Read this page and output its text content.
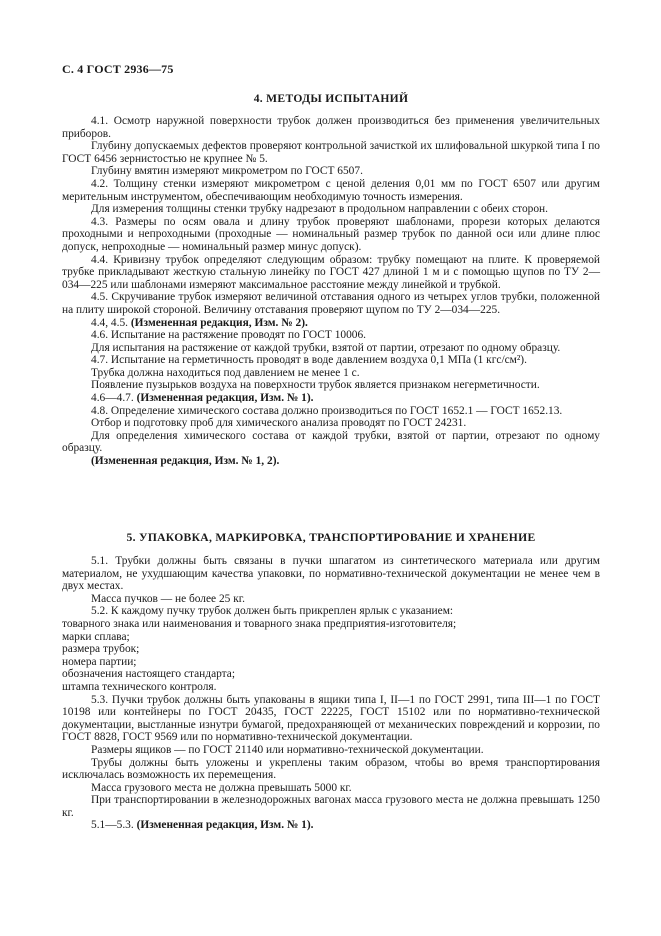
С. 4 ГОСТ 2936—75
4. МЕТОДЫ ИСПЫТАНИЙ

4.1. Осмотр наружной поверхности трубок должен производиться без применения увеличительных приборов.

Глубину допускаемых дефектов проверяют контрольной зачисткой их шлифовальной шкуркой типа I по ГОСТ 6456 зернистостью не крупнее № 5.

Глубину вмятин измеряют микрометром по ГОСТ 6507.

4.2. Толщину стенки измеряют микрометром с ценой деления 0,01 мм по ГОСТ 6507 или другим мерительным инструментом, обеспечивающим необходимую точность измерения.

Для измерения толщины стенки трубку надрезают в продольном направлении с обеих сторон.

4.3. Размеры по осям овала и длину трубок проверяют шаблонами, прорези которых делаются проходными и непроходными (проходные — номинальный размер трубок по данной оси или длине плюс допуск, непроходные — номинальный размер минус допуск).

4.4. Кривизну трубок определяют следующим образом: трубку помещают на плите. К проверяемой трубке прикладывают жесткую стальную линейку по ГОСТ 427 длиной 1 м и с помощью щупов по ТУ 2—034—225 или шаблонами измеряют максимальное расстояние между линейкой и трубкой.

4.5. Скручивание трубок измеряют величиной отставания одного из четырех углов трубки, положенной на плиту широкой стороной. Величину отставания проверяют щупом по ТУ 2—034—225.

4.4, 4.5. (Измененная редакция, Изм. № 2).

4.6. Испытание на растяжение проводят по ГОСТ 10006.

Для испытания на растяжение от каждой трубки, взятой от партии, отрезают по одному образцу.

4.7. Испытание на герметичность проводят в воде давлением воздуха 0,1 МПа (1 кгс/см²).

Трубка должна находиться под давлением не менее 1 с.

Появление пузырьков воздуха на поверхности трубок является признаком негерметичности.

4.6—4.7. (Измененная редакция, Изм. № 1).

4.8. Определение химического состава должно производиться по ГОСТ 1652.1 — ГОСТ 1652.13.

Отбор и подготовку проб для химического анализа проводят по ГОСТ 24231.

Для определения химического состава от каждой трубки, взятой от партии, отрезают по одному образцу.

(Измененная редакция, Изм. № 1, 2).

5. УПАКОВКА, МАРКИРОВКА, ТРАНСПОРТИРОВАНИЕ И ХРАНЕНИЕ

5.1. Трубки должны быть связаны в пучки шпагатом из синтетического материала или другим материалом, не ухудшающим качества упаковки, по нормативно-технической документации не менее чем в двух местах.

Масса пучков — не более 25 кг.

5.2. К каждому пучку трубок должен быть прикреплен ярлык с указанием:

товарного знака или наименования и товарного знака предприятия-изготовителя;

марки сплава;

размера трубок;

номера партии;

обозначения настоящего стандарта;

штампа технического контроля.

5.3. Пучки трубок должны быть упакованы в ящики типа I, II—1 по ГОСТ 2991, типа III—1 по ГОСТ 10198 или контейнеры по ГОСТ 20435, ГОСТ 22225, ГОСТ 15102 или по нормативно-технической документации, выстланные изнутри бумагой, предохраняющей от механических повреждений и коррозии, по ГОСТ 8828, ГОСТ 9569 или по нормативно-технической документации.

Размеры ящиков — по ГОСТ 21140 или нормативно-технической документации.

Трубы должны быть уложены и укреплены таким образом, чтобы во время транспортирования исключалась возможность их перемещения.

Масса грузового места не должна превышать 5000 кг.

При транспортировании в железнодорожных вагонах масса грузового места не должна превышать 1250 кг.

5.1—5.3. (Измененная редакция, Изм. № 1).
